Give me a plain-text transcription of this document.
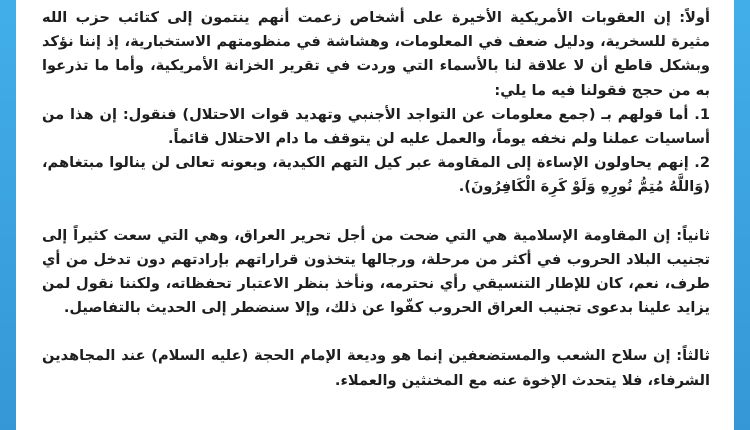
أولاً: إن العقوبات الأمريكية الأخيرة على أشخاص زعمت أنهم ينتمون إلى كتائب حزب الله مثيرة للسخرية، ودليل ضعف في المعلومات، وهشاشة في منظومتهم الاستخبارية، إذ إننا نؤكد وبشكل قاطع أن لا علاقة لنا بالأسماء التي وردت في تقرير الخزانة الأمريكية، وأما ما تذرعوا به من حجج فقولنا فيه ما يلي:

1. أما قولهم بـ (جمع معلومات عن التواجد الأجنبي وتهديد قوات الاحتلال) فنقول: إن هذا من أساسيات عملنا ولم نخفه يوماً، والعمل عليه لن يتوقف ما دام الاحتلال قائماً.

2. إنهم يحاولون الإساءة إلى المقاومة عبر كيل التهم الكيدية، وبعونه تعالى لن ينالوا مبتغاهم، (وَاللَّهُ مُتِمُّ نُورِهِ وَلَوْ كَرِهَ الْكَافِرُونَ).

ثانياً: إن المقاومة الإسلامية هي التي ضحت من أجل تحرير العراق، وهي التي سعت كثيراً إلى تجنيب البلاد الحروب في أكثر من مرحلة، ورجالها يتخذون قراراتهم بإرادتهم دون تدخل من أي طرف، نعم، كان للإطار التنسيقي رأي نحترمه، ونأخذ بنظر الاعتبار تحفظاته، ولكننا نقول لمن يزايد علينا بدعوى تجنيب العراق الحروب كفّوا عن ذلك، وإلا سنضطر إلى الحديث بالتفاصيل.

ثالثاً: إن سلاح الشعب والمستضعفين إنما هو وديعة الإمام الحجة (عليه السلام) عند المجاهدين الشرفاء، فلا يتحدث الإخوة عنه مع المخنثين والعملاء.
